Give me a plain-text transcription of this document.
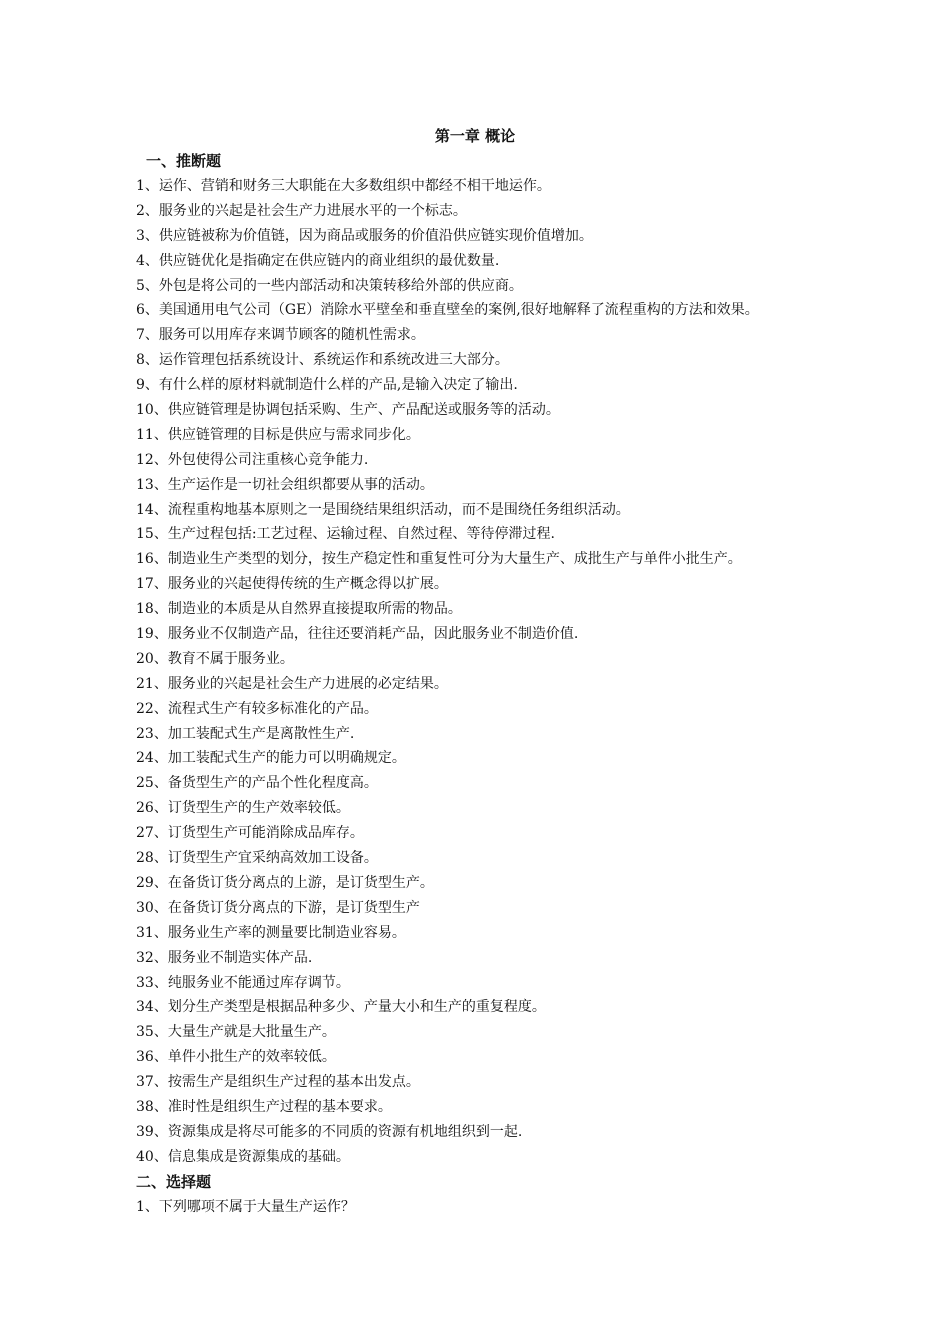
第一章 概论
一、推断题
1、运作、营销和财务三大职能在大多数组织中都经不相干地运作。
2、服务业的兴起是社会生产力进展水平的一个标志。
3、供应链被称为价值链，因为商品或服务的价值沿供应链实现价值增加。
4、供应链优化是指确定在供应链内的商业组织的最优数量.
5、外包是将公司的一些内部活动和决策转移给外部的供应商。
6、美国通用电气公司（GE）消除水平壁垒和垂直壁垒的案例,很好地解释了流程重构的方法和效果。
7、服务可以用库存来调节顾客的随机性需求。
8、运作管理包括系统设计、系统运作和系统改进三大部分。
9、有什么样的原材料就制造什么样的产品,是输入决定了输出.
10、供应链管理是协调包括采购、生产、产品配送或服务等的活动。
11、供应链管理的目标是供应与需求同步化。
12、外包使得公司注重核心竞争能力.
13、生产运作是一切社会组织都要从事的活动。
14、流程重构地基本原则之一是围绕结果组织活动，而不是围绕任务组织活动。
15、生产过程包括:工艺过程、运输过程、自然过程、等待停滞过程.
16、制造业生产类型的划分，按生产稳定性和重复性可分为大量生产、成批生产与单件小批生产。
17、服务业的兴起使得传统的生产概念得以扩展。
18、制造业的本质是从自然界直接提取所需的物品。
19、服务业不仅制造产品，往往还要消耗产品，因此服务业不制造价值.
20、教育不属于服务业。
21、服务业的兴起是社会生产力进展的必定结果。
22、流程式生产有较多标准化的产品。
23、加工装配式生产是离散性生产.
24、加工装配式生产的能力可以明确规定。
25、备货型生产的产品个性化程度高。
26、订货型生产的生产效率较低。
27、订货型生产可能消除成品库存。
28、订货型生产宜采纳高效加工设备。
29、在备货订货分离点的上游，是订货型生产。
30、在备货订货分离点的下游，是订货型生产
31、服务业生产率的测量要比制造业容易。
32、服务业不制造实体产品.
33、纯服务业不能通过库存调节。
34、划分生产类型是根据品种多少、产量大小和生产的重复程度。
35、大量生产就是大批量生产。
36、单件小批生产的效率较低。
37、按需生产是组织生产过程的基本出发点。
38、准时性是组织生产过程的基本要求。
39、资源集成是将尽可能多的不同质的资源有机地组织到一起.
40、信息集成是资源集成的基础。
二、选择题
1、下列哪项不属于大量生产运作？
